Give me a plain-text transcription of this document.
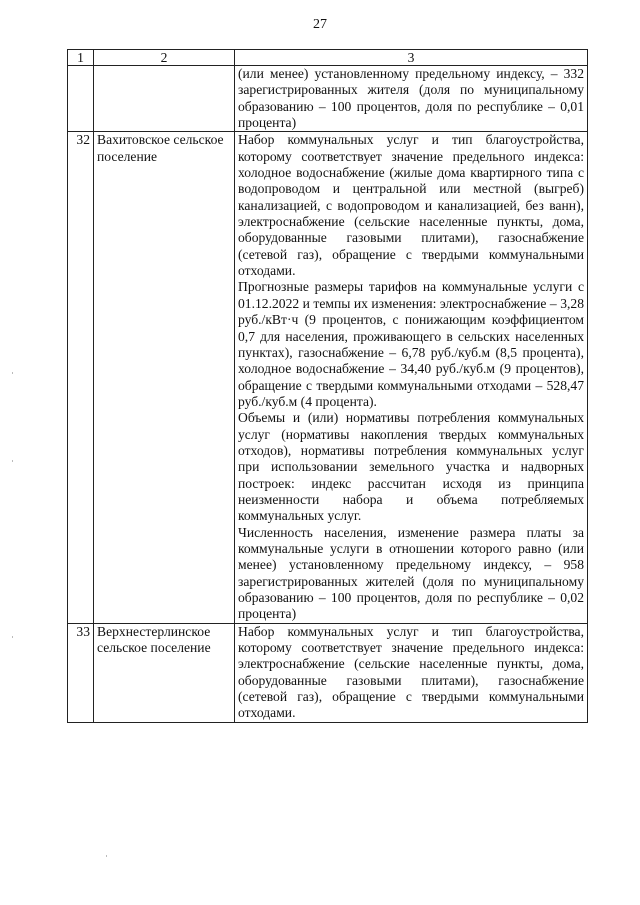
27
1	2	3

		(или менее) установленному предельному индексу, – 332 зарегистрированных жителя (доля по муниципальному образованию – 100 процентов, доля по республике – 0,01 процента)

32	Вахитовское сельское поселение	Набор коммунальных услуг и тип благоустройства, которому соответствует значение предельного индекса: холодное водоснабжение (жилые дома квартирного типа с водопроводом и центральной или местной (выгреб) канализацией, с водопроводом и канализацией, без ванн), электроснабжение (сельские населенные пункты, дома, оборудованные газовыми плитами), газоснабжение (сетевой газ), обращение с твердыми коммунальными отходами.

Прогнозные размеры тарифов на коммунальные услуги с 01.12.2022 и темпы их изменения: электроснабжение – 3,28 руб./кВт·ч (9 процентов, с понижающим коэффициентом 0,7 для населения, проживающего в сельских населенных пунктах), газоснабжение – 6,78 руб./куб.м (8,5 процента), холодное водоснабжение – 34,40 руб./куб.м (9 процентов), обращение с твердыми коммунальными отходами – 528,47 руб./куб.м (4 процента).

Объемы и (или) нормативы потребления коммунальных услуг (нормативы накопления твердых коммунальных отходов), нормативы потребления коммунальных услуг при использовании земельного участка и надворных построек: индекс рассчитан исходя из принципа неизменности набора и объема потребляемых коммунальных услуг.

Численность населения, изменение размера платы за коммунальные услуги в отношении которого равно (или менее) установленному предельному индексу, – 958 зарегистрированных жителей (доля по муниципальному образованию – 100 процентов, доля по республике – 0,02 процента)

33	Верхнестерлинское сельское поселение	Набор коммунальных услуг и тип благоустройства, которому соответствует значение предельного индекса: электроснабжение (сельские населенные пункты, дома, оборудованные газовыми плитами), газоснабжение (сетевой газ), обращение с твердыми коммунальными отходами.
